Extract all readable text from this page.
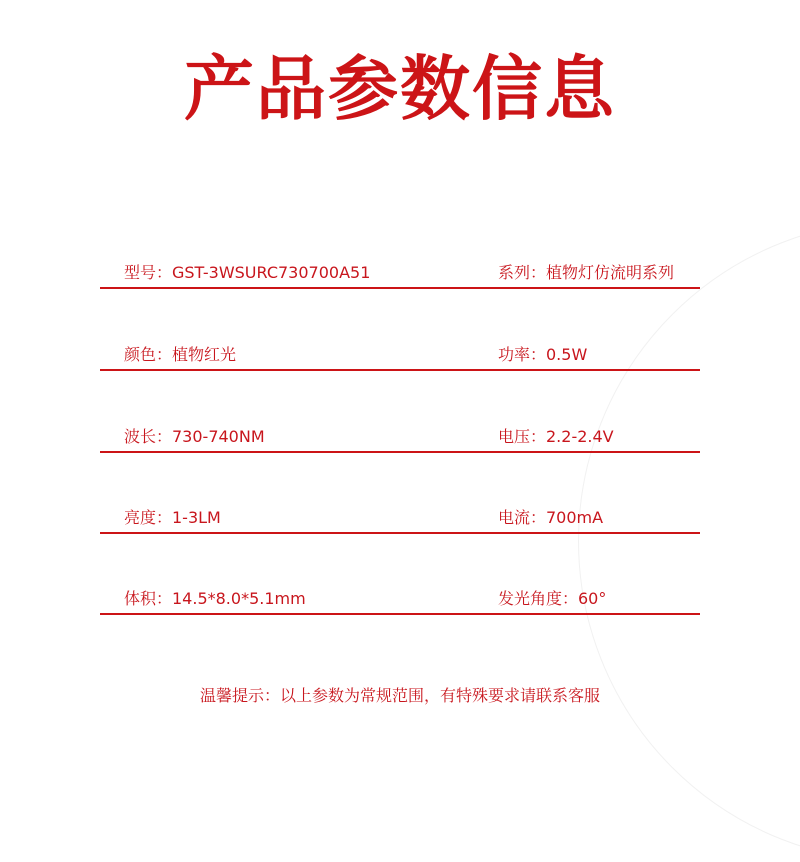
产品参数信息
型号：GST-3WSURC730700A51	系列：植物灯仿流明系列
颜色：植物红光	功率：0.5W
波长：730-740NM	电压：2.2-2.4V
亮度：1-3LM	电流：700mA
体积：14.5*8.0*5.1mm	发光角度：60°
温馨提示：以上参数为常规范围，有特殊要求请联系客服
